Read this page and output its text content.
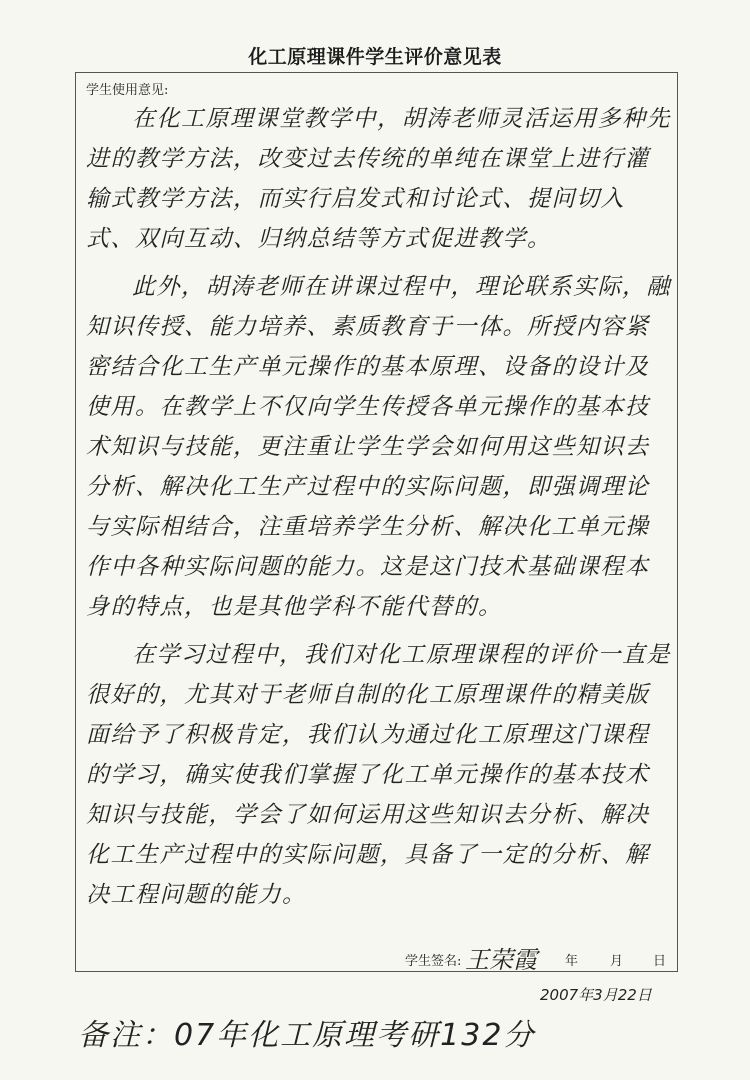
化工原理课件学生评价意见表
学生使用意见:

在化工原理课堂教学中，胡涛老师灵活运用多种先进的教学方法，改变过去传统的单纯在课堂上进行灌输式教学方法，而实行启发式和讨论式、提问切入式、双向互动、归纳总结等方式促进教学。

此外，胡涛老师在讲课过程中，理论联系实际，融知识传授、能力培养、素质教育于一体。所授内容紧密结合化工生产单元操作的基本原理、设备的设计及使用。在教学上不仅向学生传授各单元操作的基本技术知识与技能，更注重让学生学会如何用这些知识去分析、解决化工生产过程中的实际问题，即强调理论与实际相结合，注重培养学生分析、解决化工单元操作中各种实际问题的能力。这是这门技术基础课程本身的特点，也是其他学科不能代替的。

在学习过程中，我们对化工原理课程的评价一直是很好的，尤其对于老师自制的化工原理课件的精美版面给予了积极肯定，我们认为通过化工原理这门课程的学习，确实使我们掌握了化工单元操作的基本技术知识与技能，学会了如何运用这些知识去分析、解决化工生产过程中的实际问题，具备了一定的分析、解决工程问题的能力。

学生签名: 王荣霞 年 月 日
2007年3月22日
备注：07年化工原理考研132分
